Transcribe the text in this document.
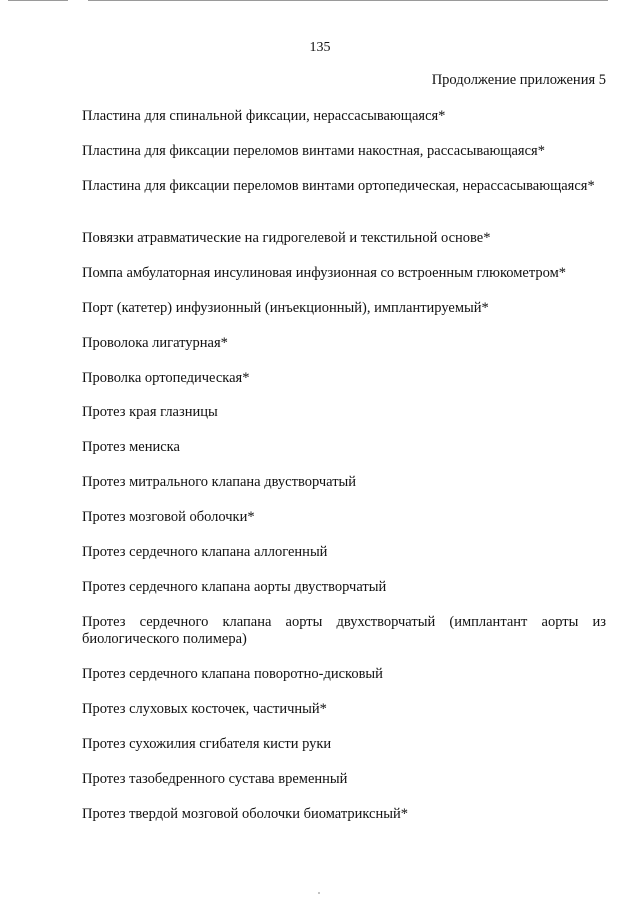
135
Продолжение приложения 5

Пластина для спинальной фиксации, нерассасывающаяся*

Пластина для фиксации переломов винтами накостная, рассасывающаяся*

Пластина для фиксации переломов винтами ортопедическая, нерассасывающаяся*

Повязки атравматические на гидрогелевой и текстильной основе*

Помпа амбулаторная инсулиновая инфузионная со встроенным глюкометром*

Порт (катетер) инфузионный (инъекционный), имплантируемый*

Проволока лигатурная*

Проволка ортопедическая*

Протез края глазницы

Протез мениска

Протез митрального клапана двустворчатый

Протез мозговой оболочки*

Протез сердечного клапана аллогенный

Протез сердечного клапана аорты двустворчатый

Протез сердечного клапана аорты двухстворчатый (имплантант аорты из биологического полимера)

Протез сердечного клапана поворотно-дисковый

Протез слуховых косточек, частичный*

Протез сухожилия сгибателя кисти руки

Протез тазобедренного сустава временный

Протез твердой мозговой оболочки биоматриксный*
